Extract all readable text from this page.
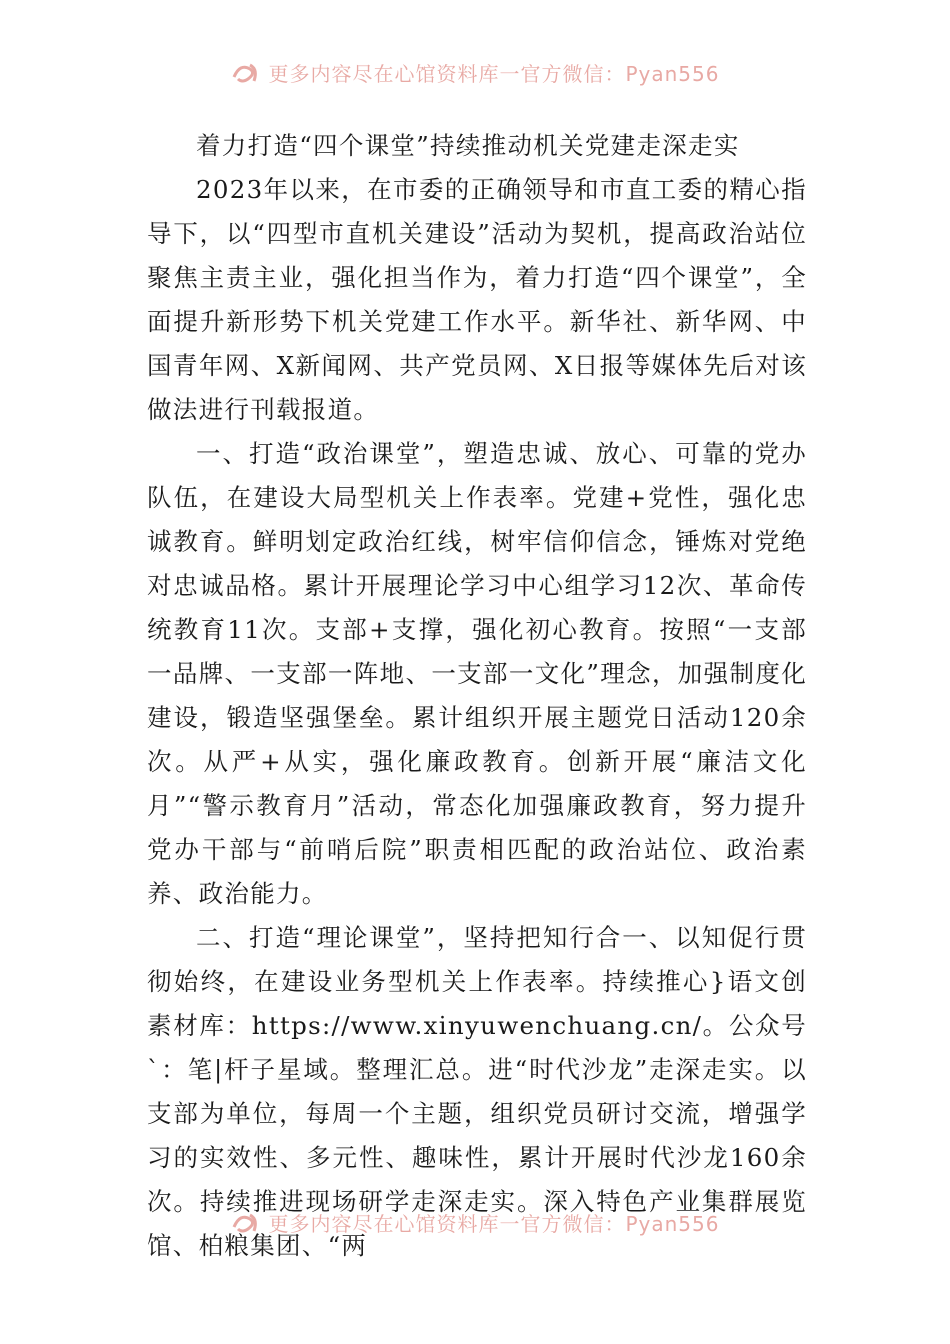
更多内容尽在心馆资料库一官方微信：Pyan556

着力打造“四个课堂”持续推动机关党建走深走实

2023年以来，在市委的正确领导和市直工委的精心指导下，以“四型市直机关建设”活动为契机，提高政治站位聚焦主责主业，强化担当作为，着力打造“四个课堂”，全面提升新形势下机关党建工作水平。新华社、新华网、中国青年网、X新闻网、共产党员网、X日报等媒体先后对该做法进行刊载报道。

一、打造“政治课堂”，塑造忠诚、放心、可靠的党办队伍，在建设大局型机关上作表率。党建+党性，强化忠诚教育。鲜明划定政治红线，树牢信仰信念，锤炼对党绝对忠诚品格。累计开展理论学习中心组学习12次、革命传统教育11次。支部+支撑，强化初心教育。按照“一支部一品牌、一支部一阵地、一支部一文化”理念，加强制度化建设，锻造坚强堡垒。累计组织开展主题党日活动120余次。从严+从实，强化廉政教育。创新开展“廉洁文化月”“警示教育月”活动，常态化加强廉政教育，努力提升党办干部与“前哨后院”职责相匹配的政治站位、政治素养、政治能力。

二、打造“理论课堂”，坚持把知行合一、以知促行贯彻始终，在建设业务型机关上作表率。持续推心}语文创素材库：https://www.xinyuwenchuang.cn/。公众号`：笔|杆子星域。整理汇总。进“时代沙龙”走深走实。以支部为单位，每周一个主题，组织党员研讨交流，增强学习的实效性、多元性、趣味性，累计开展时代沙龙160余次。持续推进现场研学走深走实。深入特色产业集群展览馆、柏粮集团、“两

更多内容尽在心馆资料库一官方微信：Pyan556
